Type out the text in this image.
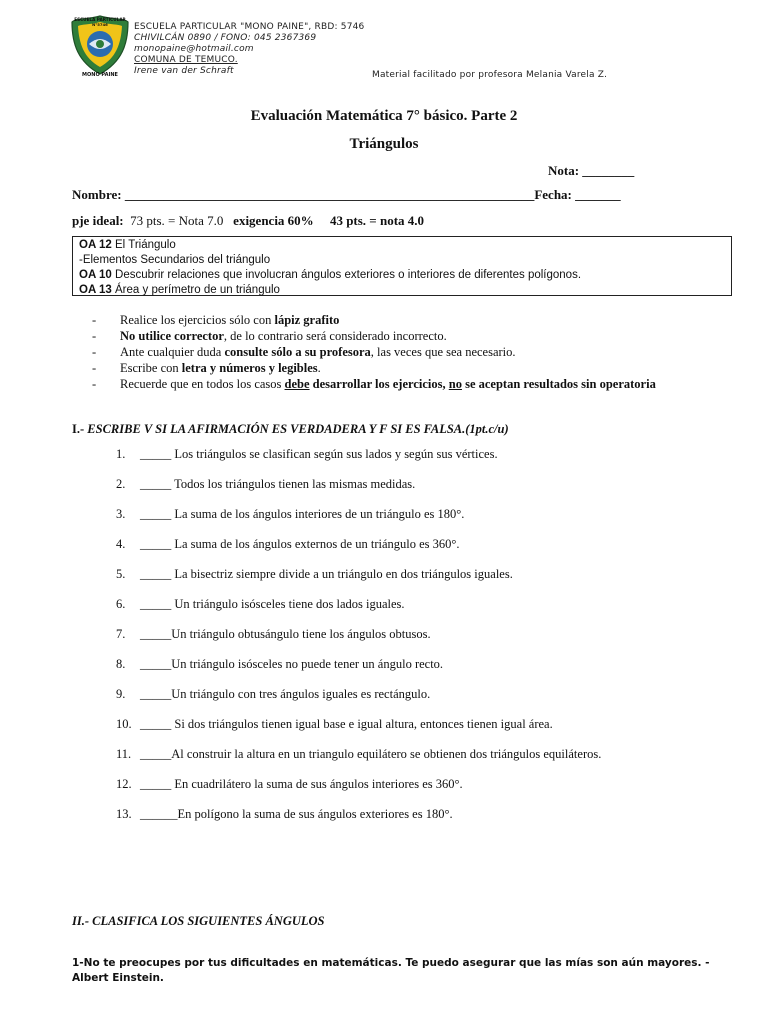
ESCUELA PARTICULAR
N°5746
MONO PAINE
ESCUELA PARTICULAR "MONO PAINE", RBD: 5746
CHIVILCÁN 0890 / FONO: 045 2367369
monopaine@hotmail.com
COMUNA DE TEMUCO.
Irene van der Schraft	Material facilitado por profesora Melania Varela Z.
Evaluación Matemática 7° básico. Parte 2
Triángulos
Nota: ________
Nombre: _______________________________________________________________Fecha: _______
pje ideal: 73 pts. = Nota 7.0 exigencia 60% 43 pts. = nota 4.0
OA 12 El Triángulo
-Elementos Secundarios del triángulo
OA 10 Descubrir relaciones que involucran ángulos exteriores o interiores de diferentes polígonos.
OA 13 Área y perímetro de un triángulo
- Realice los ejercicios sólo con lápiz grafito
- No utilice corrector, de lo contrario será considerado incorrecto.
- Ante cualquier duda consulte sólo a su profesora, las veces que sea necesario.
- Escribe con letra y números y legibles.
- Recuerde que en todos los casos debe desarrollar los ejercicios, no se aceptan resultados sin operatoria
I.- ESCRIBE V SI LA AFIRMACIÓN ES VERDADERA Y F SI ES FALSA.(1pt.c/u)
1. _____ Los triángulos se clasifican según sus lados y según sus vértices.
2. _____ Todos los triángulos tienen las mismas medidas.
3. _____ La suma de los ángulos interiores de un triángulo es 180°.
4. _____ La suma de los ángulos externos de un triángulo es 360°.
5. _____ La bisectriz siempre divide a un triángulo en dos triángulos iguales.
6. _____ Un triángulo isósceles tiene dos lados iguales.
7. _____Un triángulo obtusángulo tiene los ángulos obtusos.
8. _____Un triángulo isósceles no puede tener un ángulo recto.
9. _____Un triángulo con tres ángulos iguales es rectángulo.
10. _____ Si dos triángulos tienen igual base e igual altura, entonces tienen igual área.
11. _____Al construir la altura en un triangulo equilátero se obtienen dos triángulos equiláteros.
12. _____ En cuadrilátero la suma de sus ángulos interiores es 360°.
13. ______En polígono la suma de sus ángulos exteriores es 180°.
II.- CLASIFICA LOS SIGUIENTES ÁNGULOS
1-No te preocupes por tus dificultades en matemáticas. Te puedo asegurar que las mías son aún mayores. -Albert Einstein.
